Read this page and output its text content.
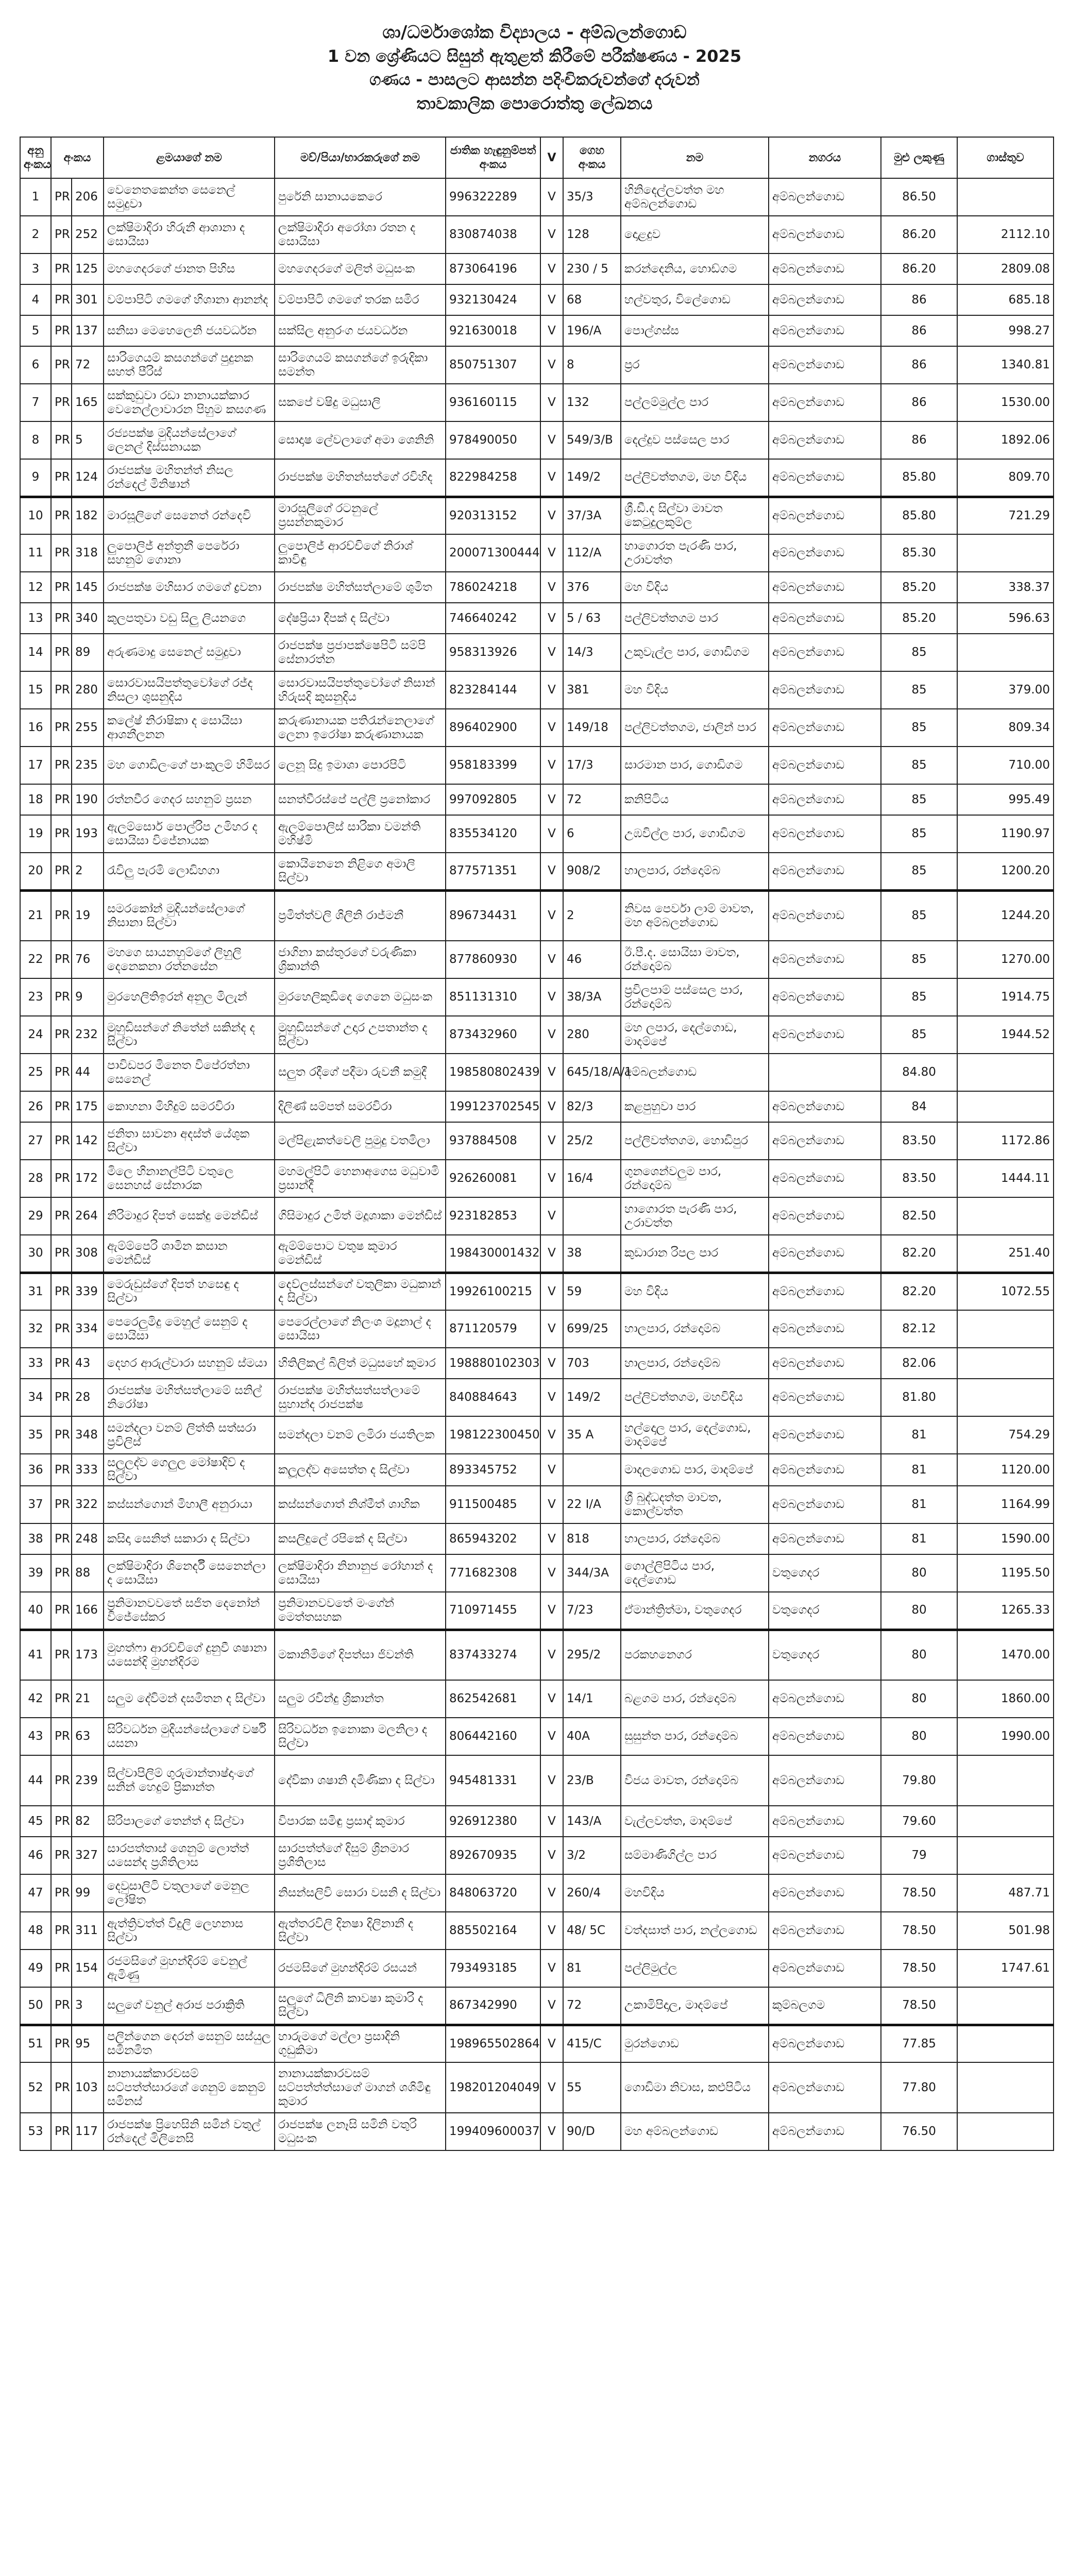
ශා/ධර්මාශෝක විද්‍යාලය - අම්බලන්ගොඩ
1 වන ශ්‍රේණියට සිසුන් ඇතුළත් කිරීමේ පරීක්ෂණය - 2025
ගණය - පාසලට ආසන්න පදිංචිකරුවන්ගේ දරුවන්
තාවකාලික පොරොත්තු ලේඛනය
අනු අංකය	අංකය		ළමයාගේ නම	මව්/පියා/භාරකරුගේ නම	ජාතික හැඳුනුම්පත් අංකය	V	ගෙහ අංකය	නම	නගරය	මුළු ලකුණු	ගාස්තුව
1	PR	206	වෙනෙතකෙන්ත සෙනෙල් සමුදුවා	පුරේනි සානායකෙරෙ	996322289	V	35/3	හිනිදෙල්ලවත්ත මහ අම්බලන්ගොඩ	අම්බලන්ගොඩ	86.50	
2	PR	252	ලක්ෂිමාදිරා හිරුනී ආශානා ද සොයිසා	ලක්ෂිමාදිරා අරෝශා රතන ද සොයිසා	830874038	V	128	දොළදුව	අම්බලන්ගොඩ	86.20	2112.10
3	PR	125	මහගෙදරගේ ජානත පිහිස	මහගෙදරගේ මලිත් මධුසංක	873064196	V	230 / 5	කරන්දෙනිය, හොඩ්ගම	අම්බලන්ගොඩ	86.20	2809.08
4	PR	301	වම්පාපිටි ගමගේ හිශානා ආනන්ද	වම්පාපිටි ගමගේ තරක සමිර	932130424	V	68	හල්වතුර, විලේගොඩ	අම්බලන්ගොඩ	86	685.18
5	PR	137	සනිසා මෙහෙලෙනි ජයවර්ධන	සක්සිල අනුරංග ජයවර්ධන	921630018	V	196/A	පොල්ගස්ස	අම්බලන්ගොඩ	86	998.27
6	PR	72	සාරිගෙයම් කසගන්ගේ පුදුනක සහත් පීරිස්	සාරිගෙයම් කසගන්ගේ ඉරුදිකා සමන්ත	850751307	V	8	ප්‍රර	අම්බලන්ගොඩ	86	1340.81
7	PR	165	සක්කුඩුවා රඩා නානායක්කාර වෙනෙල්ලාවාරන පිහුම කසගණ	සකපේ වෂිදු මධුසාලි	936160115	V	132	පල්ලම්මුල්ල පාර	අම්බලන්ගොඩ	86	1530.00
8	PR	5	රජ්‍යපක්ෂ මුදියන්සේලාගේ ලෙනල් දිස්සනායක	සොදාෂ ලේවලාගේ අමා ශෙනිනි	978490050	V	549/3/B	දෙල්දුව පස්සෙල පාර	අම්බලන්ගොඩ	86	1892.06
9	PR	124	රාජපක්ෂ මහිතන්ත් නිසල රන්දෙල් මිනිෂාන්	රාජපක්ෂ මහිතන්සත්ගේ රවිහිද	822984258	V	149/2	පල්ලිවත්තගම, මහ විදිය	අම්බලන්ගොඩ	85.80	809.70
10	PR	182	මාරසූලිගේ සෙනෙත් රන්දෙවි	මාරසූලිගේ රටනුලේ ප්‍රසන්නකුමාර	920313152	V	37/3A	ශ්‍රී.ඩී.ද සිල්වා මාවත කෙටුදුලකුම්ල	අම්බලන්ගොඩ	85.80	721.29
11	PR	318	ලුපොලිජ් අන්ත්‍රනී පෙරේරා සහනුම් ගොනා	ලුපොලිජ් ආරච්චිගේ නිරාශ් කාවිඳු	200071300444	V	112/A	හාගොරත පැරණි පාර, උරාවත්ත	අම්බලන්ගොඩ	85.30	
12	PR	145	රාජපක්ෂ මහිසාර ගමගේ ද්‍රවනා	රාජපක්ෂ මහිත්සත්ලාමේ ශුමිත	786024218	V	376	මහ විදිය	අම්බලන්ගොඩ	85.20	338.37
13	PR	340	කුලපතුවා වඩු සිලු ලියනගෙ	දේෂප්‍රියා දීපක් ද සිල්වා	746640242	V	5 / 63	පල්ලිවත්තගම පාර	අම්බලන්ගොඩ	85.20	596.63
14	PR	89	අරුණමාදු සෙනෙල් සමුදුවා	රාජපක්ෂ ප්‍රජාපක්ෂෙපිටි සම්පි සේනාරත්න	958313926	V	14/3	උකුවැල්ල පාර, ගොඩිගම	අම්බලන්ගොඩ	85	
15	PR	280	සොරවාසයිපත්තුවෝගේ රජ්ද නිසලා ශුසනුදිය	සොරවාසයිපත්තුවෝගේ නිසාන් හිරුසදි කුසනුදිය	823284144	V	381	මහ විදිය	අම්බලන්ගොඩ	85	379.00
16	PR	255	කලේෂ් නිරාෂිකා ද සොයිසා ආශනීලනන	කරුණානායක පතිරැන්නෙලාගේ ලෙනා ඉරෝෂා කරුණානායක	896402900	V	149/18	පල්ලිවත්තගම, ජාලින් පාර	අම්බලන්ගොඩ	85	809.34
17	PR	235	මහ ගොඩිලංගේ පාංකුලම් හිමිසර	ලෙනූ සිදු ඉමාශා පොරපිටි	958183399	V	17/3	සාරමාන පාර, ගොඩිගම	අම්බලන්ගොඩ	85	710.00
18	PR	190	රත්නවීර ගෙදර සහනුම් ප්‍රසන	සනත්වීරස්පේ පල්ලි ප්‍රනෝකාර	997092805	V	72	කනිපිටිය	අම්බලන්ගොඩ	85	995.49
19	PR	193	ඇලම්සොර් පොල්රිප උමිහර ද සොයිසා විජේනායක	ඇලම්පොලිස් සාරිකා වමන්ති මහිෂ්මි	835534120	V	6	උඹවිල්ල පාර, ගොඩිගම	අම්බලන්ගොඩ	85	1190.97
20	PR	2	රැවිලු පැරමි ලොඩිහගා	කොයිනෙනෙ නිළිගෙ අමාලි සිල්වා	877571351	V	908/2	හාලපාර, රන්දොම්බ	අම්බලන්ගොඩ	85	1200.20
21	PR	19	සමරකෝන් මුදියන්සේලාගේ නිසානා සිල්වා	ප්‍රමිත්ත්වලි ශිලිනි රාජ්මනී	896734431	V	2	නිවස පෙර්වා ලාම් මාවත, මහ අම්බලන්ගොඩ	අම්බලන්ගොඩ	85	1244.20
22	PR	76	මහගෙ සායනහුම්ගේ ලිහුලි දෙනෙකනා රත්නසේන	ජාගිනා කස්තුරගේ වරුණිකා ශ්‍රිකාන්ති	877860930	V	46	ඊ.පී.ද. සොයිසා මාවත, රන්දොම්බ	අම්බලන්ගොඩ	85	1270.00
23	PR	9	මුරහෙලිතිඉරන් අනුල මිලැන්	මුරහෙලිකුඩිදෙ ගෙනෙ මධුසංක	851131310	V	38/3A	ප්‍රවිලපාම් පස්සෙල පාර, රන්දොම්බ	අම්බලන්ගොඩ	85	1914.75
24	PR	232	මුහුඩිසන්ගේ නිතේන් සකින්ද ද සිල්වා	මුහුඩිසන්ගේ උදාර උපතාන්ත ද සිල්වා	873432960	V	280	මහ ලපාර, දෙල්ගොඩ, මාදම්පේ	අම්බලන්ගොඩ	85	1944.52
25	PR	44	පාවිඩපර මිනෙත විපේරත්නා සෙනෙල්	සලුත රදීගේ පදීමා රුවනී කමුදී	198580802439	V	645/18/A/1	අම්බලන්ගොඩ		84.80	
26	PR	175	කොහනා මිහිදුම් සමරවිරා	දිලිණ් සම්පත් සමරවිරා	199123702545	V	82/3	කළපුහුවා පාර	අම්බලන්ගොඩ	84	
27	PR	142	ජනිතා සාවනා අදස්ත් යේශුක සිල්වා	මල්පිළැකත්වෙලි පුමුදු වතමිලා	937884508	V	25/2	පල්ලිවත්තගම, හොඩිපුර	අම්බලන්ගොඩ	83.50	1172.86
28	PR	172	මිලෙ හිනානල්පිටි වතුලෙ සෙනහස් සේනාරක	මහමල්පිටි හෙනාඅගෙස මධුවාමි ප්‍රසාන්දී	926260081	V	16/4	ගුනශෙන්වලුම පාර, රන්දොම්බ	අම්බලන්ගොඩ	83.50	1444.11
29	PR	264	නිරිමාදුර දිපත් සෙක්දු මෙන්ඩිස්	ගිසිමාදුර උමිත් මදූශාකා මෙන්ඩිස්	923182853	V		හාගොරත පැරණි පාර, උරාවත්ත	අම්බලන්ගොඩ	82.50	
30	PR	308	ඇම්ම්පෙරි ශාමින කසාන මෙන්ඩිස්	ඇම්ම්පොට වතුෂ කුමාර මෙන්ඩිස්	198430001432	V	38	කුඩාරාන රිපල පාර	අම්බලන්ගොඩ	82.20	251.40
31	PR	339	මෙරුඩුස්ගේ දිපත් හසෙඳු ද සිල්වා	දෙව්ලස්සන්ගේ වතුලිකා මධුකාන් ද සිල්වා	19926100215	V	59	මහ විදිය	අම්බලන්ගොඩ	82.20	1072.55
32	PR	334	පෙරෙලුමිදු මෙහුල් සෙනුම් ද සොයිසා	පෙරෙල්ලාගේ නිලංශ මදූනාල් ද සොයිසා	871120579	V	699/25	හාලපාර, රන්දොම්බ	අම්බලන්ගොඩ	82.12	
33	PR	43	දෙහර ආරුල්වාරා සහනුම් ස්මයා	හිතිලිකල් බිලිත් මධුසහේ කුමාර	198880102303	V	703	හාලපාර, රන්දොම්බ	අම්බලන්ගොඩ	82.06	
34	PR	28	රාජපක්ෂ මහිත්සත්ලාමේ සනිල් නිරෝෂා	රාජපක්ෂ මහිත්සත්සත්ලාමේ සුහාන්ද රාජපක්ෂ	840884643	V	149/2	පල්ලිවත්තගම, මහවිදිය	අම්බලන්ගොඩ	81.80	
35	PR	348	සමන්දලා වනම් ලිත්ති සත්සරා ප්‍රවිලිස්	සමන්දලා වනම් ලමිරා ජයතිලක	198122300450	V	35 A	හල්දොල පාර, දෙල්ගොඩ, මාදම්පේ	අම්බලන්ගොඩ	81	754.29
36	PR	333	සලූලද්ව ගෙලුල මෝෂාදිව් ද සිල්වා	කලූලද්ව අසෙත්ත ද සිල්වා	893345752	V		මාදලගොඩ පාර, මාදම්පේ	අම්බලන්ගොඩ	81	1120.00
37	PR	322	කස්සන්ගොන් මිහාලී අනුරායා	කස්සන්ගොත් නිශ්මීත් ශාහික	911500485	V	22 I/A	ශ්‍රී බුද්ධදත්ත මාවත, කොල්වත්ත	අම්බලන්ගොඩ	81	1164.99
38	PR	248	කසිදා සෙනිත් සකාරා ද සිල්වා	කසලිදුලේ රපිකේ ද සිල්වා	865943202	V	818	හාලපාර, රන්දොම්බ	අම්බලන්ගොඩ	81	1590.00
39	PR	88	ලක්ෂිමාදිරා ශිනෙර්දී සෙනෙන්ලා ද සොයිසා	ලක්ෂිමාදිරා නිනානුජ රෝහාන් ද සොයිසා	771682308	V	344/3A	ගොල්ලිපිටිය පාර, දෙල්ගොඩ	වතුගෙදර	80	1195.50
40	PR	166	ප්‍රනිමානවවතේ සජිත දෙනෝන් විජේසේකර	ප්‍රනිමානවවතේ මංගේන් මෙත්තසහක	710971455	V	7/23	ඒමාන්ත්‍රිත්මා, වතුගෙදර	වතුගෙදර	80	1265.33
41	PR	173	මුහත්ෆා ආරච්චිගේ දුනුවී ශෂානා යසෙන්දි මුහන්දිරම	මකානිමිගේ දිපත්සා ජිවන්ති	837433274	V	295/2	පරකහනෙගර	වතුගෙදර	80	1470.00
42	PR	21	සලුම දේවිමන් දසමිතන ද සිල්වා	සලුම රවින්දු ශ්‍රිකාන්ත	862542681	V	14/1	බළගම පාර, රන්දොම්බ	අම්බලන්ගොඩ	80	1860.00
43	PR	63	සිරිවර්ධන මුදියන්සේලාගේ වර්ෂි යසනා	සිරිවර්ධන ඉනොකා මලනිලා ද සිල්වා	806442160	V	40A	සුසුන්ත පාර, රන්දොම්බ	අම්බලන්ගොඩ	80	1990.00
44	PR	239	සිල්වාපිලිම් ගුරුමාන්තාෂ්දාංගේ සනින් හෙදුම් ප්‍රිකාන්ත	දේවිකා ශෂානි දමිණිකා ද සිල්වා	945481331	V	23/B	විජය මාවත, රන්දොම්බ	අම්බලන්ගොඩ	79.80	
45	PR	82	සිරිපාලගේ තෙන්ත් ද සිල්වා	විපාරක සමිඳු ප්‍රසාද් කුමාර	926912380	V	143/A	වැල්ලවත්ත, මාදම්පේ	අම්බලන්ගොඩ	79.60	
46	PR	327	සාරපත්තාස් ශෙනුම් ලොත්ත් යසෙන්ද ප්‍රශිතිලාස	සාරපත්ත්ගේ දිසුම් ශ්‍රිනමාර ප්‍රශිතිලාස	892670935	V	3/2	සම්මාණිගිල්ල පාර	අම්බලන්ගොඩ	79	
47	PR	99	දෙවුසාලිටි වතුලාගේ මෙනුල ලෝෂිත	නිසන්සලිවි සොරා වසනි ද සිල්වා	848063720	V	260/4	මහවිදිය	අම්බලන්ගොඩ	78.50	487.71
48	PR	311	ඇත්ත්‍රිවත්ත් විදුලි ලෙහනාස සිල්වා	ඇත්තරවිලි දිනෂා දිලිනානී ද සිල්වා	885502164	V	48/ 5C	වත්දසාත් පාර, නල්ලගොඩ	අම්බලන්ගොඩ	78.50	501.98
49	PR	154	රජමසිගේ මුහන්දිරම් වෙනුල් ඇමිණු	රජමසිගේ මුහන්දිරම් රසයන්	793493185	V	81	පල්ලිමුල්ල	අම්බලන්ගොඩ	78.50	1747.61
50	PR	3	සලුගේ වනුල් අරාජ පරාක්‍රිති	සලුගේ ධිලිනි කාවෂා කුමාරි ද සිල්වා	867342990	V	72	උකාමිපිදාල, මාදම්පේ	කුම්බලගම	78.50	
51	PR	95	පලින්ගෙන දෙරන් සෙනුම් සස්යුල සමිනමිත	හාරුමගේ මල්ලා ප්‍රසාදිනි ගුඩුකිමා	198965502864	V	415/C	මුරන්ගොඩ	අම්බලන්ගොඩ	77.85	
52	PR	103	නානායක්කාරවසම් සට්පත්ත්සාරශේ ශෙනුම් කෙනුම් සමිනස්	නානායක්කාරවසම් සට්පත්ත්ත්සාගේ මාගන් ශශිමිඳු කුමාර	198201204049	V	55	ගොඩිමා නිවාස, කළුපිටිය	අම්බලන්ගොඩ	77.80	
53	PR	117	රාජපක්ෂ ප්‍රිහෙසිනි සමින් වතුල් රන්දෙල් මිලිනෙසි	රාජපක්ෂ ලනෑසි සමිනි වතුරි මධුසංක	199409600037	V	90/D	මහ අම්බලන්ගොඩ	අම්බලන්ගොඩ	76.50	
